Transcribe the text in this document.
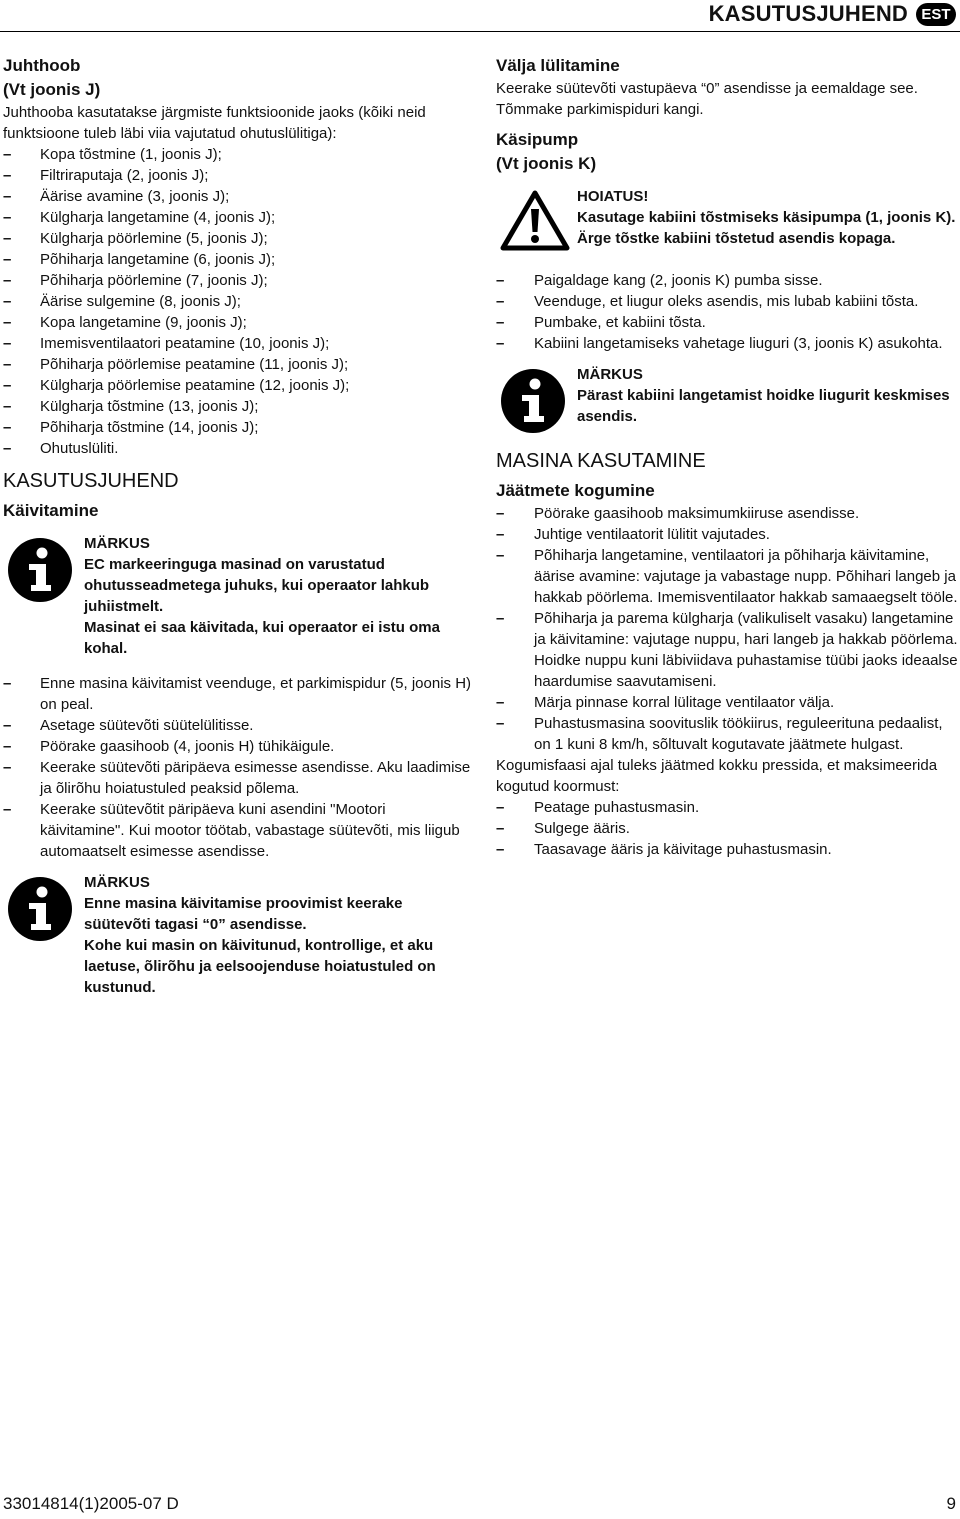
KASUTUSJUHEND EST
Juhthoob
(Vt joonis J)

Juhthooba kasutatakse järgmiste funktsioonide jaoks (kõiki neid funktsioone tuleb läbi viia vajutatud ohutuslülitiga):

– Kopa tõstmine (1, joonis J);
– Filtriraputaja (2, joonis J);
– Äärise avamine (3, joonis J);
– Külgharja langetamine (4, joonis J);
– Külgharja pöörlemine (5, joonis J);
– Põhiharja langetamine (6, joonis J);
– Põhiharja pöörlemine (7, joonis J);
– Äärise sulgemine (8, joonis J);
– Kopa langetamine (9, joonis J);
– Imemisventilaatori peatamine (10, joonis J);
– Põhiharja pöörlemise peatamine (11, joonis J);
– Külgharja pöörlemise peatamine (12, joonis J);
– Külgharja tõstmine (13, joonis J);
– Põhiharja tõstmine (14, joonis J);
– Ohutuslüliti.
KASUTUSJUHEND
Käivitamine
MÄRKUS
EC markeeringuga masinad on varustatud ohutusseadmetega juhuks, kui operaator lahkub juhiistmelt.
Masinat ei saa käivitada, kui operaator ei istu oma kohal.
– Enne masina käivitamist veenduge, et parkimispidur (5, joonis H) on peal.
– Asetage süütevõti süütelülitisse.
– Pöörake gaasihoob (4, joonis H) tühikäigule.
– Keerake süütevõti päripäeva esimesse asendisse. Aku laadimise ja õlirõhu hoiatustuled peaksid põlema.
– Keerake süütevõtit päripäeva kuni asendini "Mootori käivitamine". Kui mootor töötab, vabastage süütevõti, mis liigub automaatselt esimesse asendisse.
MÄRKUS
Enne masina käivitamise proovimist keerake süütevõti tagasi “0” asendisse.
Kohe kui masin on käivitunud, kontrollige, et aku laetuse, õlirõhu ja eelsoojenduse hoiatustuled on kustunud.
Välja lülitamine

Keerake süütevõti vastupäeva “0” asendisse ja eemaldage see. Tõmmake parkimispiduri kangi.

Käsipump
(Vt joonis K)
HOIATUS!
Kasutage kabiini tõstmiseks käsipumpa (1, joonis K). Ärge tõstke kabiini tõstetud asendis kopaga.
– Paigaldage kang (2, joonis K) pumba sisse.
– Veenduge, et liugur oleks asendis, mis lubab kabiini tõsta.
– Pumbake, et kabiini tõsta.
– Kabiini langetamiseks vahetage liuguri (3, joonis K) asukohta.
MÄRKUS
Pärast kabiini langetamist hoidke liugurit keskmises asendis.
MASINA KASUTAMINE
Jäätmete kogumine
– Pöörake gaasihoob maksimumkiiruse asendisse.
– Juhtige ventilaatorit lülitit vajutades.
– Põhiharja langetamine, ventilaatori ja põhiharja käivitamine, äärise avamine: vajutage ja vabastage nupp. Põhihari langeb ja hakkab pöörlema. Imemisventilaator hakkab samaaegselt tööle.
– Põhiharja ja parema külgharja (valikuliselt vasaku) langetamine ja käivitamine: vajutage nuppu, hari langeb ja hakkab pöörlema. Hoidke nuppu kuni läbiviidava puhastamise tüübi jaoks ideaalse haardumise saavutamiseni.
– Märja pinnase korral lülitage ventilaator välja.
– Puhastusmasina soovituslik töökiirus, reguleerituna pedaalist, on 1 kuni 8 km/h, sõltuvalt kogutavate jäätmete hulgast.

Kogumisfaasi ajal tuleks jäätmed kokku pressida, et maksimeerida kogutud koormust:

– Peatage puhastusmasin.
– Sulgege ääris.
– Taasavage ääris ja käivitage puhastusmasin.
33014814(1)2005-07 D	9
